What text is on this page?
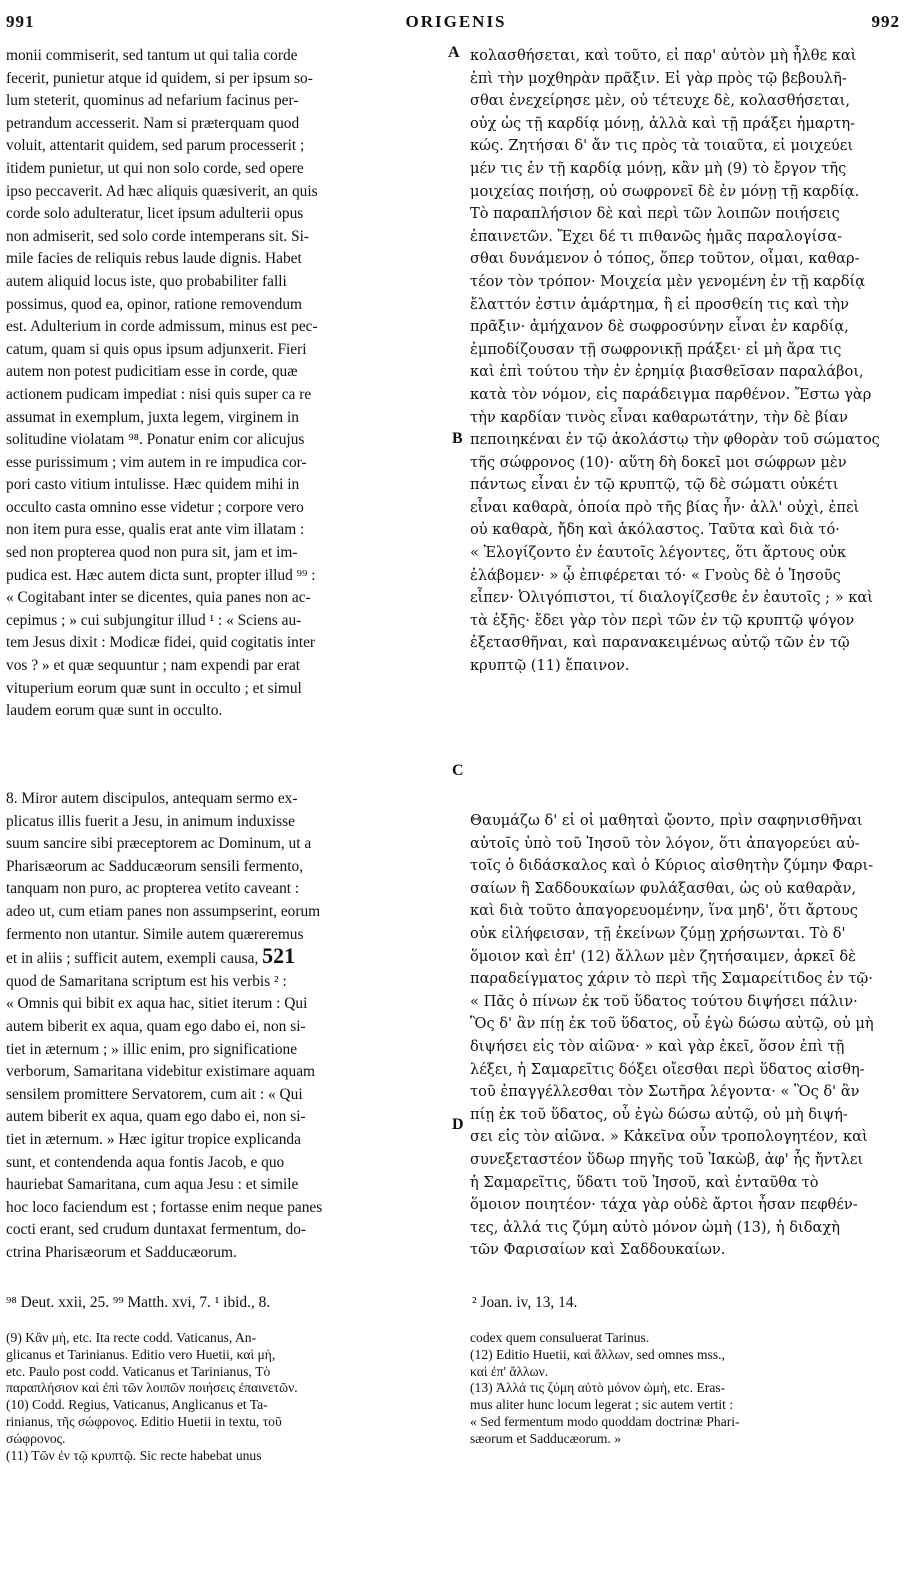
991	ORIGENIS	992
A
B
C
D
monii commiserit, sed tantum ut qui talia corde
fecerit, punietur atque id quidem, si per ipsum so-
lum steterit, quominus ad nefarium facinus per-
petrandum accesserit. Nam si præterquam quod
voluit, attentarit quidem, sed parum processerit ;
itidem punietur, ut qui non solo corde, sed opere
ipso peccaverit. Ad hæc aliquis quæsiverit, an quis
corde solo adulteratur, licet ipsum adulterii opus
non admiserit, sed solo corde intemperans sit. Si-
mile facies de reliquis rebus laude dignis. Habet
autem aliquid locus iste, quo probabiliter falli
possimus, quod ea, opinor, ratione removendum
est. Adulterium in corde admissum, minus est pec-
catum, quam si quis opus ipsum adjunxerit. Fieri
autem non potest pudicitiam esse in corde, quæ
actionem pudicam impediat : nisi quis super ca re
assumat in exemplum, juxta legem, virginem in
solitudine violatam ⁹⁸. Ponatur enim cor alicujus
esse purissimum ; vim autem in re impudica cor-
pori casto vitium intulisse. Hæc quidem mihi in
occulto casta omnino esse videtur ; corpore vero
non item pura esse, qualis erat ante vim illatam :
sed non propterea quod non pura sit, jam et im-
pudica est. Hæc autem dicta sunt, propter illud ⁹⁹ :
« Cogitabant inter se dicentes, quia panes non ac-
cepimus ; » cui subjungitur illud ¹ : « Sciens au-
tem Jesus dixit : Modicæ fidei, quid cogitatis inter
vos ? » et quæ sequuntur ; nam expendi par erat
vituperium eorum quæ sunt in occulto ; et simul
laudem eorum quæ sunt in occulto.
8. Miror autem discipulos, antequam sermo ex-
plicatus illis fuerit a Jesu, in animum induxisse
suum sancire sibi præceptorem ac Dominum, ut a
Pharisæorum ac Sadducæorum sensili fermento,
tanquam non puro, ac propterea vetito caveant :
adeo ut, cum etiam panes non assumpserint, eorum
fermento non utantur. Simile autem quæreremus
et in aliis ; sufficit autem, exempli causa, 521
quod de Samaritana scriptum est his verbis ² :
« Omnis qui bibit ex aqua hac, sitiet iterum : Qui
autem biberit ex aqua, quam ego dabo ei, non si-
tiet in æternum ; » illic enim, pro significatione
verborum, Samaritana videbitur existimare aquam
sensilem promittere Servatorem, cum ait : « Qui
autem biberit ex aqua, quam ego dabo ei, non si-
tiet in æternum. » Hæc igitur tropice explicanda
sunt, et contendenda aqua fontis Jacob, e quo
hauriebat Samaritana, cum aqua Jesu : et simile
hoc loco faciendum est ; fortasse enim neque panes
cocti erant, sed crudum duntaxat fermentum, do-
ctrina Pharisæorum et Sadducæorum.
κολασθήσεται, καὶ τοῦτο, εἰ παρ' αὐτὸν μὴ ἦλθε καὶ
ἐπὶ τὴν μοχθηρὰν πρᾶξιν. Εἰ γὰρ πρὸς τῷ βεβουλῆ-
σθαι ἐνεχείρησε μὲν, οὐ τέτευχε δὲ, κολασθήσεται,
οὐχ ὡς τῇ καρδίᾳ μόνῃ, ἀλλὰ καὶ τῇ πράξει ἡμαρτη-
κώς. Ζητήσαι δ' ἄν τις πρὸς τὰ τοιαῦτα, εἰ μοιχεύει
μέν τις ἐν τῇ καρδίᾳ μόνῃ, κἂν μὴ (9) τὸ ἔργον τῆς
μοιχείας ποιήσῃ, οὐ σωφρονεῖ δὲ ἐν μόνῃ τῇ καρδίᾳ.
Τὸ παραπλήσιον δὲ καὶ περὶ τῶν λοιπῶν ποιήσεις
ἐπαινετῶν. Ἔχει δέ τι πιθανῶς ἡμᾶς παραλογίσα-
σθαι δυνάμενον ὁ τόπος, ὅπερ τοῦτον, οἶμαι, καθαρ-
τέον τὸν τρόπον· Μοιχεία μὲν γενομένη ἐν τῇ καρδίᾳ
ἔλαττόν ἐστιν ἁμάρτημα, ἢ εἰ προσθείη τις καὶ τὴν
πρᾶξιν· ἀμήχανον δὲ σωφροσύνην εἶναι ἐν καρδίᾳ,
ἐμποδίζουσαν τῇ σωφρονικῇ πράξει· εἰ μὴ ἄρα τις
καὶ ἐπὶ τούτου τὴν ἐν ἐρημίᾳ βιασθεῖσαν παραλάβοι,
κατὰ τὸν νόμον, εἰς παράδειγμα παρθένον. Ἔστω γὰρ
τὴν καρδίαν τινὸς εἶναι καθαρωτάτην, τὴν δὲ βίαν
πεποιηκέναι ἐν τῷ ἀκολάστῳ τὴν φθορὰν τοῦ σώματος
τῆς σώφρονος (10)· αὕτη δὴ δοκεῖ μοι σώφρων μὲν
πάντως εἶναι ἐν τῷ κρυπτῷ, τῷ δὲ σώματι οὐκέτι
εἶναι καθαρὰ, ὁποία πρὸ τῆς βίας ἦν· ἀλλ' οὐχὶ, ἐπεὶ
οὐ καθαρὰ, ἤδη καὶ ἀκόλαστος. Ταῦτα καὶ διὰ τό·
« Ἐλογίζοντο ἐν ἑαυτοῖς λέγοντες, ὅτι ἄρτους οὐκ
ἐλάβομεν· » ᾧ ἐπιφέρεται τό· « Γνοὺς δὲ ὁ Ἰησοῦς
εἶπεν· Ὀλιγόπιστοι, τί διαλογίζεσθε ἐν ἑαυτοῖς ; » καὶ
τὰ ἑξῆς· ἔδει γὰρ τὸν περὶ τῶν ἐν τῷ κρυπτῷ ψόγον
ἐξετασθῆναι, καὶ παρανακειμένως αὐτῷ τῶν ἐν τῷ
κρυπτῷ (11) ἔπαινον.
Θαυμάζω δ' εἰ οἱ μαθηταὶ ᾤοντο, πρὶν σαφηνισθῆναι
αὐτοῖς ὑπὸ τοῦ Ἰησοῦ τὸν λόγον, ὅτι ἀπαγορεύει αὐ-
τοῖς ὁ διδάσκαλος καὶ ὁ Κύριος αἰσθητὴν ζύμην Φαρι-
σαίων ἢ Σαδδουκαίων φυλάξασθαι, ὡς οὐ καθαρὰν,
καὶ διὰ τοῦτο ἀπαγορευομένην, ἵνα μηδ', ὅτι ἄρτους
οὐκ εἰλήφεισαν, τῇ ἐκείνων ζύμῃ χρήσωνται. Τὸ δ'
ὅμοιον καὶ ἐπ' (12) ἄλλων μὲν ζητήσαιμεν, ἀρκεῖ δὲ
παραδείγματος χάριν τὸ περὶ τῆς Σαμαρείτιδος ἐν τῷ·
« Πᾶς ὁ πίνων ἐκ τοῦ ὕδατος τούτου διψήσει πάλιν·
Ὃς δ' ἂν πίῃ ἐκ τοῦ ὕδατος, οὗ ἐγὼ δώσω αὐτῷ, οὐ μὴ
διψήσει εἰς τὸν αἰῶνα· » καὶ γὰρ ἐκεῖ, ὅσον ἐπὶ τῇ
λέξει, ἡ Σαμαρεῖτις δόξει οἴεσθαι περὶ ὕδατος αἰσθη-
τοῦ ἐπαγγέλλεσθαι τὸν Σωτῆρα λέγοντα· « Ὃς δ' ἂν
πίῃ ἐκ τοῦ ὕδατος, οὗ ἐγὼ δώσω αὐτῷ, οὐ μὴ διψή-
σει εἰς τὸν αἰῶνα. » Κἀκεῖνα οὖν τροπολογητέον, καὶ
συνεξεταστέον ὕδωρ πηγῆς τοῦ Ἰακὼβ, ἀφ' ἧς ἤντλει
ἡ Σαμαρεῖτις, ὕδατι τοῦ Ἰησοῦ, καὶ ἐνταῦθα τὸ
ὅμοιον ποιητέον· τάχα γὰρ οὐδὲ ἄρτοι ἦσαν πεφθέν-
τες, ἀλλά τις ζύμη αὐτὸ μόνον ὠμὴ (13), ἡ διδαχὴ
τῶν Φαρισαίων καὶ Σαδδουκαίων.
⁹⁸ Deut. xxii, 25. ⁹⁹ Matth. xvi, 7. ¹ ibid., 8.	² Joan. iv, 13, 14.
(9) Κἂν μὴ, etc. Ita recte codd. Vaticanus, An-
glicanus et Tarinianus. Editio vero Huetii, καὶ μὴ,
etc. Paulo post codd. Vaticanus et Tarinianus, Τὸ
παραπλήσιον καὶ ἐπὶ τῶν λοιπῶν ποιήσεις ἐπαινετῶν.
(10) Codd. Regius, Vaticanus, Anglicanus et Ta-
rinianus, τῆς σώφρονος. Editio Huetii in textu, τοῦ
σώφρονος.
(11) Τῶν ἐν τῷ κρυπτῷ. Sic recte habebat unus
codex quem consuluerat Tarinus.
(12) Editio Huetii, καὶ ἄλλων, sed omnes mss.,
καὶ ἐπ' ἄλλων.
(13) Ἀλλά τις ζύμη αὐτὸ μόνον ὠμὴ, etc. Eras-
mus aliter hunc locum legerat ; sic autem vertit :
« Sed fermentum modo quoddam doctrinæ Phari-
sæorum et Sadducæorum. »
